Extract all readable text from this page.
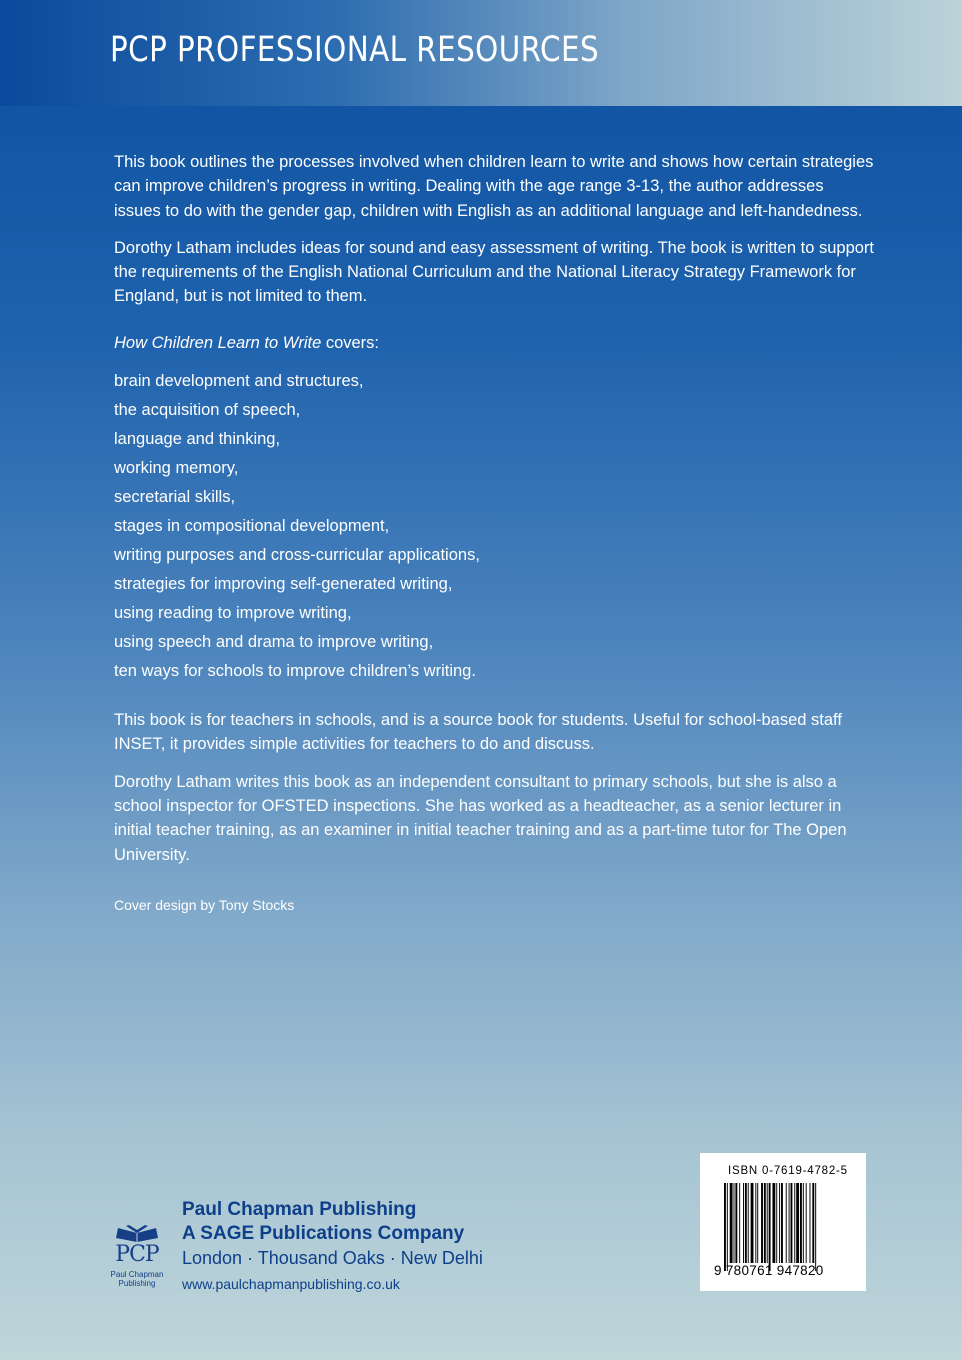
PCP PROFESSIONAL RESOURCES

This book outlines the processes involved when children learn to write and shows how certain strategies can improve children’s progress in writing. Dealing with the age range 3-13, the author addresses issues to do with the gender gap, children with English as an additional language and left-handedness.

Dorothy Latham includes ideas for sound and easy assessment of writing. The book is written to support the requirements of the English National Curriculum and the National Literacy Strategy Framework for England, but is not limited to them.

How Children Learn to Write covers:

brain development and structures,
the acquisition of speech,
language and thinking,
working memory,
secretarial skills,
stages in compositional development,
writing purposes and cross-curricular applications,
strategies for improving self-generated writing,
using reading to improve writing,
using speech and drama to improve writing,
ten ways for schools to improve children’s writing.

This book is for teachers in schools, and is a source book for students. Useful for school-based staff INSET, it provides simple activities for teachers to do and discuss.

Dorothy Latham writes this book as an independent consultant to primary schools, but she is also a school inspector for OFSTED inspections. She has worked as a headteacher, as a senior lecturer in initial teacher training, as an examiner in initial teacher training and as a part-time tutor for The Open University.

Cover design by Tony Stocks

PCP
Paul Chapman Publishing
Paul Chapman Publishing
A SAGE Publications Company
London · Thousand Oaks · New Delhi
www.paulchapmanpublishing.co.uk
ISBN 0-7619-4782-5
9 780761 947820
